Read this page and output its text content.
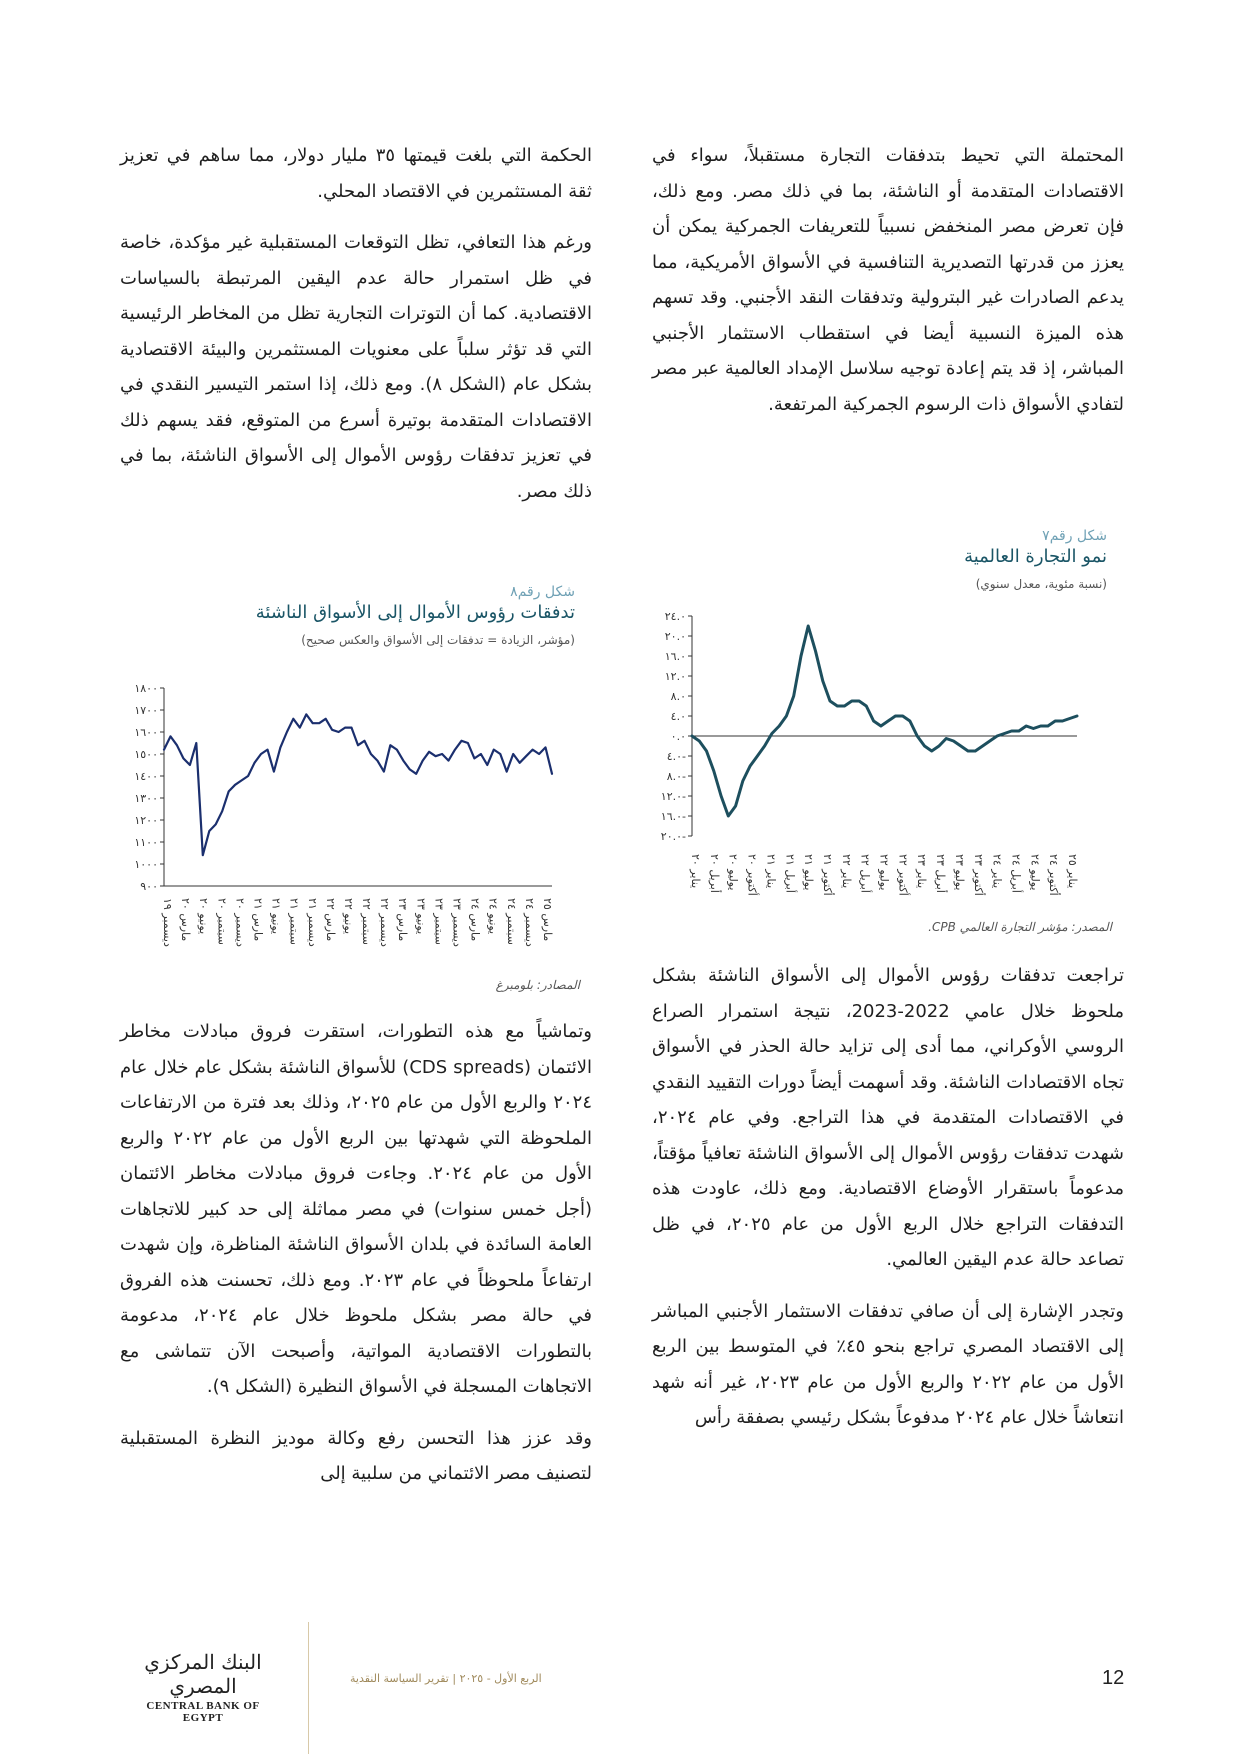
المحتملة التي تحيط بتدفقات التجارة مستقبلاً، سواء في الاقتصادات المتقدمة أو الناشئة، بما في ذلك مصر. ومع ذلك، فإن تعرض مصر المنخفض نسبياً للتعريفات الجمركية يمكن أن يعزز من قدرتها التصديرية التنافسية في الأسواق الأمريكية، مما يدعم الصادرات غير البترولية وتدفقات النقد الأجنبي. وقد تسهم هذه الميزة النسبية أيضا في استقطاب الاستثمار الأجنبي المباشر، إذ قد يتم إعادة توجيه سلاسل الإمداد العالمية عبر مصر لتفادي الأسواق ذات الرسوم الجمركية المرتفعة.

شكل رقم٧
نمو التجارة العالمية
(نسبة مئوية، معدل سنوي)
٢٤.٠
٢٠.٠
١٦.٠
١٢.٠
٨.٠
٤.٠
٠.٠
٤.٠-
٨.٠-
١٢.٠-
١٦.٠-
٢٠.٠-
يناير ٢٠
أبريل ٢٠
يوليو ٢٠
أكتوبر ٢٠
يناير ٢١
أبريل ٢١
يوليو ٢١
أكتوبر ٢١
يناير ٢٢
أبريل ٢٢
يوليو ٢٢
أكتوبر ٢٢
يناير ٢٣
أبريل ٢٣
يوليو ٢٣
أكتوبر ٢٣
يناير ٢٤
أبريل ٢٤
يوليو ٢٤
أكتوبر ٢٤
يناير ٢٥
المصدر: مؤشر التجارة العالمي CPB.

تراجعت تدفقات رؤوس الأموال إلى الأسواق الناشئة بشكل ملحوظ خلال عامي 2022-2023، نتيجة استمرار الصراع الروسي الأوكراني، مما أدى إلى تزايد حالة الحذر في الأسواق تجاه الاقتصادات الناشئة. وقد أسهمت أيضاً دورات التقييد النقدي في الاقتصادات المتقدمة في هذا التراجع. وفي عام ٢٠٢٤، شهدت تدفقات رؤوس الأموال إلى الأسواق الناشئة تعافياً مؤقتاً، مدعوماً باستقرار الأوضاع الاقتصادية. ومع ذلك، عاودت هذه التدفقات التراجع خلال الربع الأول من عام ٢٠٢٥، في ظل تصاعد حالة عدم اليقين العالمي.

وتجدر الإشارة إلى أن صافي تدفقات الاستثمار الأجنبي المباشر إلى الاقتصاد المصري تراجع بنحو ٤٥٪ في المتوسط بين الربع الأول من عام ٢٠٢٢ والربع الأول من عام ٢٠٢٣، غير أنه شهد انتعاشاً خلال عام ٢٠٢٤ مدفوعاً بشكل رئيسي بصفقة رأس

الحكمة التي بلغت قيمتها ٣٥ مليار دولار، مما ساهم في تعزيز ثقة المستثمرين في الاقتصاد المحلي.

ورغم هذا التعافي، تظل التوقعات المستقبلية غير مؤكدة، خاصة في ظل استمرار حالة عدم اليقين المرتبطة بالسياسات الاقتصادية. كما أن التوترات التجارية تظل من المخاطر الرئيسية التي قد تؤثر سلباً على معنويات المستثمرين والبيئة الاقتصادية بشكل عام (الشكل ٨). ومع ذلك، إذا استمر التيسير النقدي في الاقتصادات المتقدمة بوتيرة أسرع من المتوقع، فقد يسهم ذلك في تعزيز تدفقات رؤوس الأموال إلى الأسواق الناشئة، بما في ذلك مصر.

شكل رقم٨
تدفقات رؤوس الأموال إلى الأسواق الناشئة
(مؤشر، الزيادة = تدفقات إلى الأسواق والعكس صحيح)
١٨٠٠
١٧٠٠
١٦٠٠
١٥٠٠
١٤٠٠
١٣٠٠
١٢٠٠
١١٠٠
١٠٠٠
٩٠٠
ديسمبر ١٩
مارس ٢٠
يونيو ٢٠
سبتمبر ٢٠
ديسمبر ٢٠
مارس ٢١
يونيو ٢١
سبتمبر ٢١
ديسمبر ٢١
مارس ٢٢
يونيو ٢٢
سبتمبر ٢٢
ديسمبر ٢٢
مارس ٢٣
يونيو ٢٣
سبتمبر ٢٣
ديسمبر ٢٣
مارس ٢٤
يونيو ٢٤
سبتمبر ٢٤
ديسمبر ٢٤
مارس ٢٥
المصادر: بلومبرغ

وتماشياً مع هذه التطورات، استقرت فروق مبادلات مخاطر الائتمان (CDS spreads) للأسواق الناشئة بشكل عام خلال عام ٢٠٢٤ والربع الأول من عام ٢٠٢٥، وذلك بعد فترة من الارتفاعات الملحوظة التي شهدتها بين الربع الأول من عام ٢٠٢٢ والربع الأول من عام ٢٠٢٤. وجاءت فروق مبادلات مخاطر الائتمان (أجل خمس سنوات) في مصر مماثلة إلى حد كبير للاتجاهات العامة السائدة في بلدان الأسواق الناشئة المناظرة، وإن شهدت ارتفاعاً ملحوظاً في عام ٢٠٢٣. ومع ذلك، تحسنت هذه الفروق في حالة مصر بشكل ملحوظ خلال عام ٢٠٢٤، مدعومة بالتطورات الاقتصادية المواتية، وأصبحت الآن تتماشى مع الاتجاهات المسجلة في الأسواق النظيرة (الشكل ٩).

وقد عزز هذا التحسن رفع وكالة موديز النظرة المستقبلية لتصنيف مصر الائتماني من سلبية إلى

البنك المركزي المصري
CENTRAL BANK OF EGYPT
الربع الأول - ٢٠٢٥ | تقرير السياسة النقدية	12
